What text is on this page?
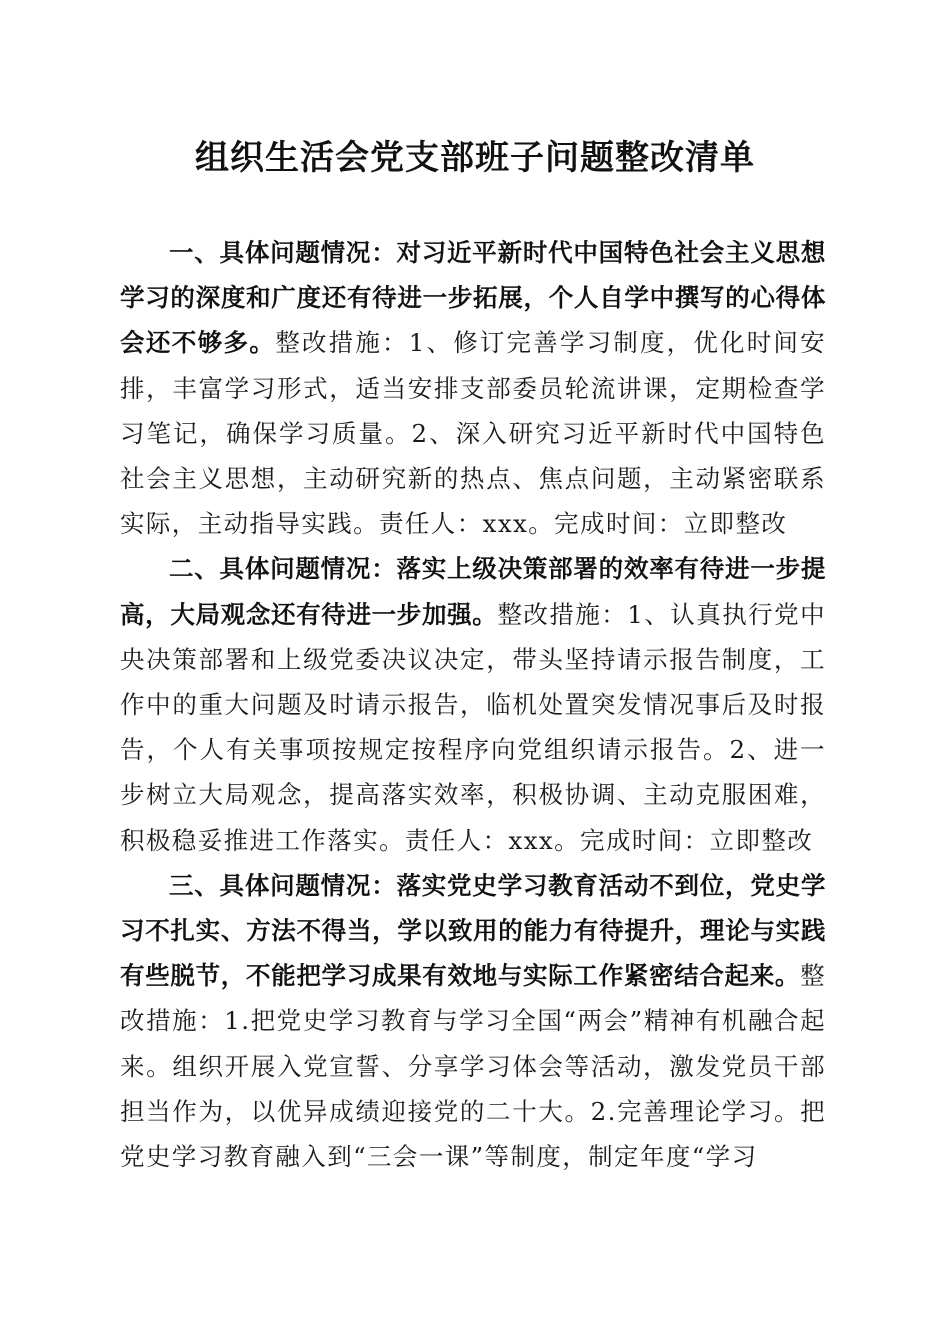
组织生活会党支部班子问题整改清单

一、具体问题情况：对习近平新时代中国特色社会主义思想学习的深度和广度还有待进一步拓展，个人自学中撰写的心得体会还不够多。整改措施：1、修订完善学习制度，优化时间安排，丰富学习形式，适当安排支部委员轮流讲课，定期检查学习笔记，确保学习质量。2、深入研究习近平新时代中国特色社会主义思想，主动研究新的热点、焦点问题，主动紧密联系实际，主动指导实践。责任人：xxx。完成时间：立即整改

二、具体问题情况：落实上级决策部署的效率有待进一步提高，大局观念还有待进一步加强。整改措施：1、认真执行党中央决策部署和上级党委决议决定，带头坚持请示报告制度，工作中的重大问题及时请示报告，临机处置突发情况事后及时报告，个人有关事项按规定按程序向党组织请示报告。2、进一步树立大局观念，提高落实效率，积极协调、主动克服困难，积极稳妥推进工作落实。责任人：xxx。完成时间：立即整改

三、具体问题情况：落实党史学习教育活动不到位，党史学习不扎实、方法不得当，学以致用的能力有待提升，理论与实践有些脱节，不能把学习成果有效地与实际工作紧密结合起来。整改措施：1.把党史学习教育与学习全国“两会”精神有机融合起来。组织开展入党宣誓、分享学习体会等活动，激发党员干部担当作为，以优异成绩迎接党的二十大。2.完善理论学习。把党史学习教育融入到“三会一课”等制度，制定年度“学习
